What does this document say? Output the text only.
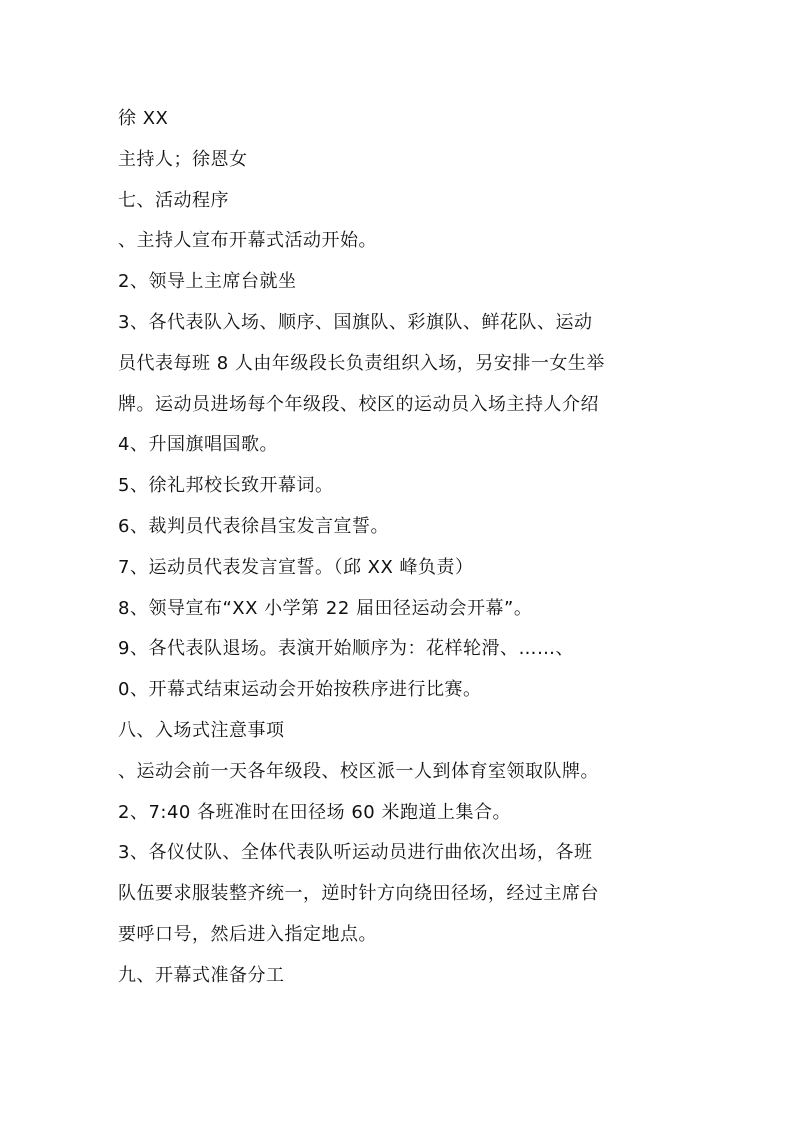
徐 XX
主持人；徐恩女
七、活动程序
、主持人宣布开幕式活动开始。
2、领导上主席台就坐
3、各代表队入场、顺序、国旗队、彩旗队、鲜花队、运动
员代表每班 8 人由年级段长负责组织入场，另安排一女生举
牌。运动员进场每个年级段、校区的运动员入场主持人介绍
4、升国旗唱国歌。
5、徐礼邦校长致开幕词。
6、裁判员代表徐昌宝发言宣誓。
7、运动员代表发言宣誓。（邱 XX 峰负责）
8、领导宣布“XX 小学第 22 届田径运动会开幕”。
9、各代表队退场。表演开始顺序为：花样轮滑、……、
0、开幕式结束运动会开始按秩序进行比赛。
八、入场式注意事项
、运动会前一天各年级段、校区派一人到体育室领取队牌。
2、7:40 各班准时在田径场 60 米跑道上集合。
3、各仪仗队、全体代表队听运动员进行曲依次出场，各班
队伍要求服装整齐统一，逆时针方向绕田径场，经过主席台
要呼口号，然后进入指定地点。
九、开幕式准备分工
